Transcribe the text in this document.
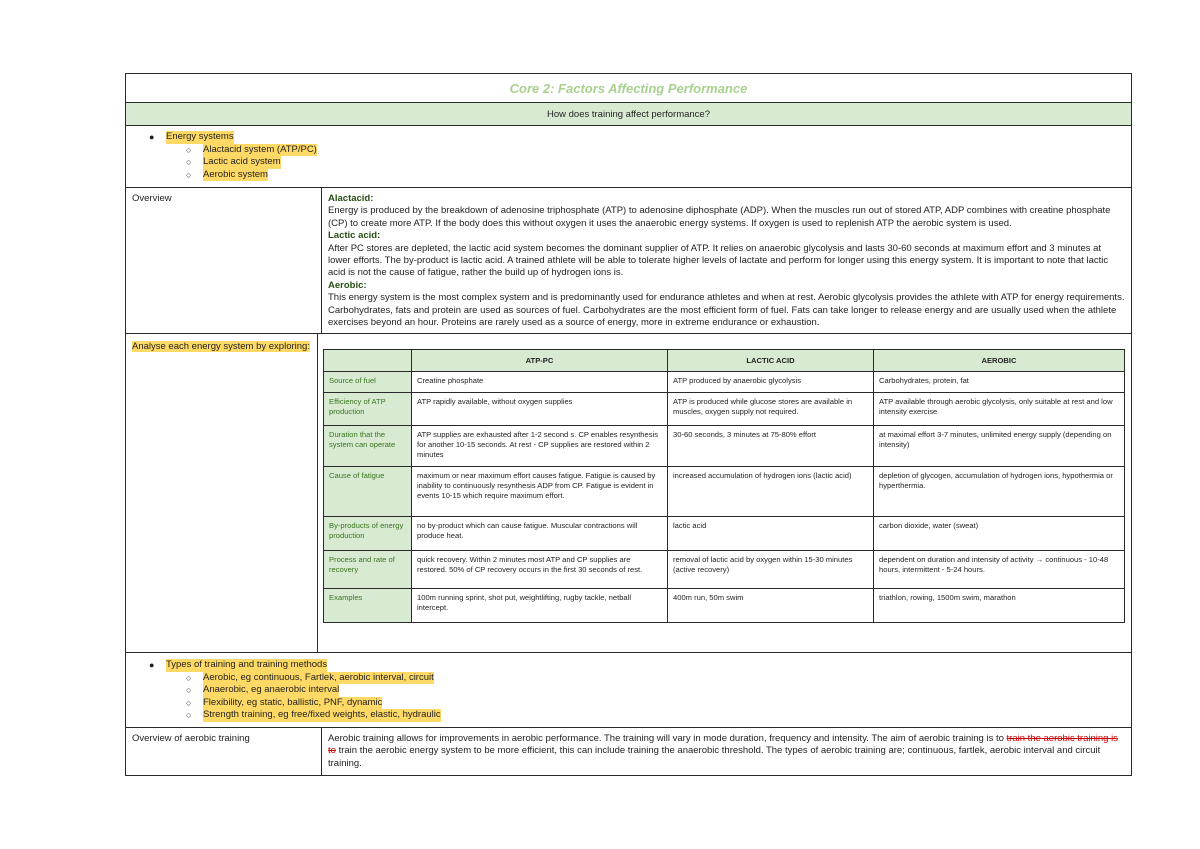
Core 2: Factors Affecting Performance
How does training affect performance?
●	Energy systems
○	Alactacid system (ATP/PC)
○	Lactic acid system
○	Aerobic system
Overview	Alactacid:
Energy is produced by the breakdown of adenosine triphosphate (ATP) to adenosine diphosphate (ADP). When the muscles run out of stored ATP, ADP combines with creatine phosphate (CP) to create more ATP. If the body does this without oxygen it uses the anaerobic energy systems. If oxygen is used to replenish ATP the aerobic system is used.
Lactic acid:
After PC stores are depleted, the lactic acid system becomes the dominant supplier of ATP. It relies on anaerobic glycolysis and lasts 30-60 seconds at maximum effort and 3 minutes at lower efforts. The by-product is lactic acid. A trained athlete will be able to tolerate higher levels of lactate and perform for longer using this energy system. It is important to note that lactic acid is not the cause of fatigue, rather the build up of hydrogen ions is.
Aerobic:
This energy system is the most complex system and is predominantly used for endurance athletes and when at rest. Aerobic glycolysis provides the athlete with ATP for energy requirements. Carbohydrates, fats and protein are used as sources of fuel. Carbohydrates are the most efficient form of fuel. Fats can take longer to release energy and are usually used when the athlete exercises beyond an hour. Proteins are rarely used as a source of energy, more in extreme endurance or exhaustion.
Analyse each energy system by exploring:
	ATP-PC	LACTIC ACID	AEROBIC
Source of fuel	Creatine phosphate	ATP produced by anaerobic glycolysis	Carbohydrates, protein, fat
Efficiency of ATP production	ATP rapidly available, without oxygen supplies	ATP is produced while glucose stores are available in muscles, oxygen supply not required.	ATP available through aerobic glycolysis, only suitable at rest and low intensity exercise
Duration that the system can operate	ATP supplies are exhausted after 1-2 second s. CP enables resynthesis for another 10-15 seconds. At rest - CP supplies are restored within 2 minutes	30-60 seconds, 3 minutes at 75-80% effort	at maximal effort 3-7 minutes, unlimited energy supply (depending on intensity)
Cause of fatigue	maximum or near maximum effort causes fatigue. Fatigue is caused by inability to continuously resynthesis ADP from CP. Fatigue is evident in events 10-15 which require maximum effort.	increased accumulation of hydrogen ions (lactic acid)	depletion of glycogen, accumulation of hydrogen ions, hypothermia or hyperthermia.
By-products of energy production	no by-product which can cause fatigue. Muscular contractions will produce heat.	lactic acid	carbon dioxide, water (sweat)
Process and rate of recovery	quick recovery. Within 2 minutes most ATP and CP supplies are restored. 50% of CP recovery occurs in the first 30 seconds of rest.	removal of lactic acid by oxygen within 15-30 minutes (active recovery)	dependent on duration and intensity of activity → continuous - 10-48 hours, intermittent - 5-24 hours.
Examples	100m running sprint, shot put, weightlifting, rugby tackle, netball intercept.	400m run, 50m swim	triathlon, rowing, 1500m swim, marathon
●	Types of training and training methods
○	Aerobic, eg continuous, Fartlek, aerobic interval, circuit
○	Anaerobic, eg anaerobic interval
○	Flexibility, eg static, ballistic, PNF, dynamic
○	Strength training, eg free/fixed weights, elastic, hydraulic
Overview of aerobic training	Aerobic training allows for improvements in aerobic performance. The training will vary in mode duration, frequency and intensity. The aim of aerobic training is to train the aerobic training is to train the aerobic energy system to be more efficient, this can include training the anaerobic threshold. The types of aerobic training are; continuous, fartlek, aerobic interval and circuit training.
